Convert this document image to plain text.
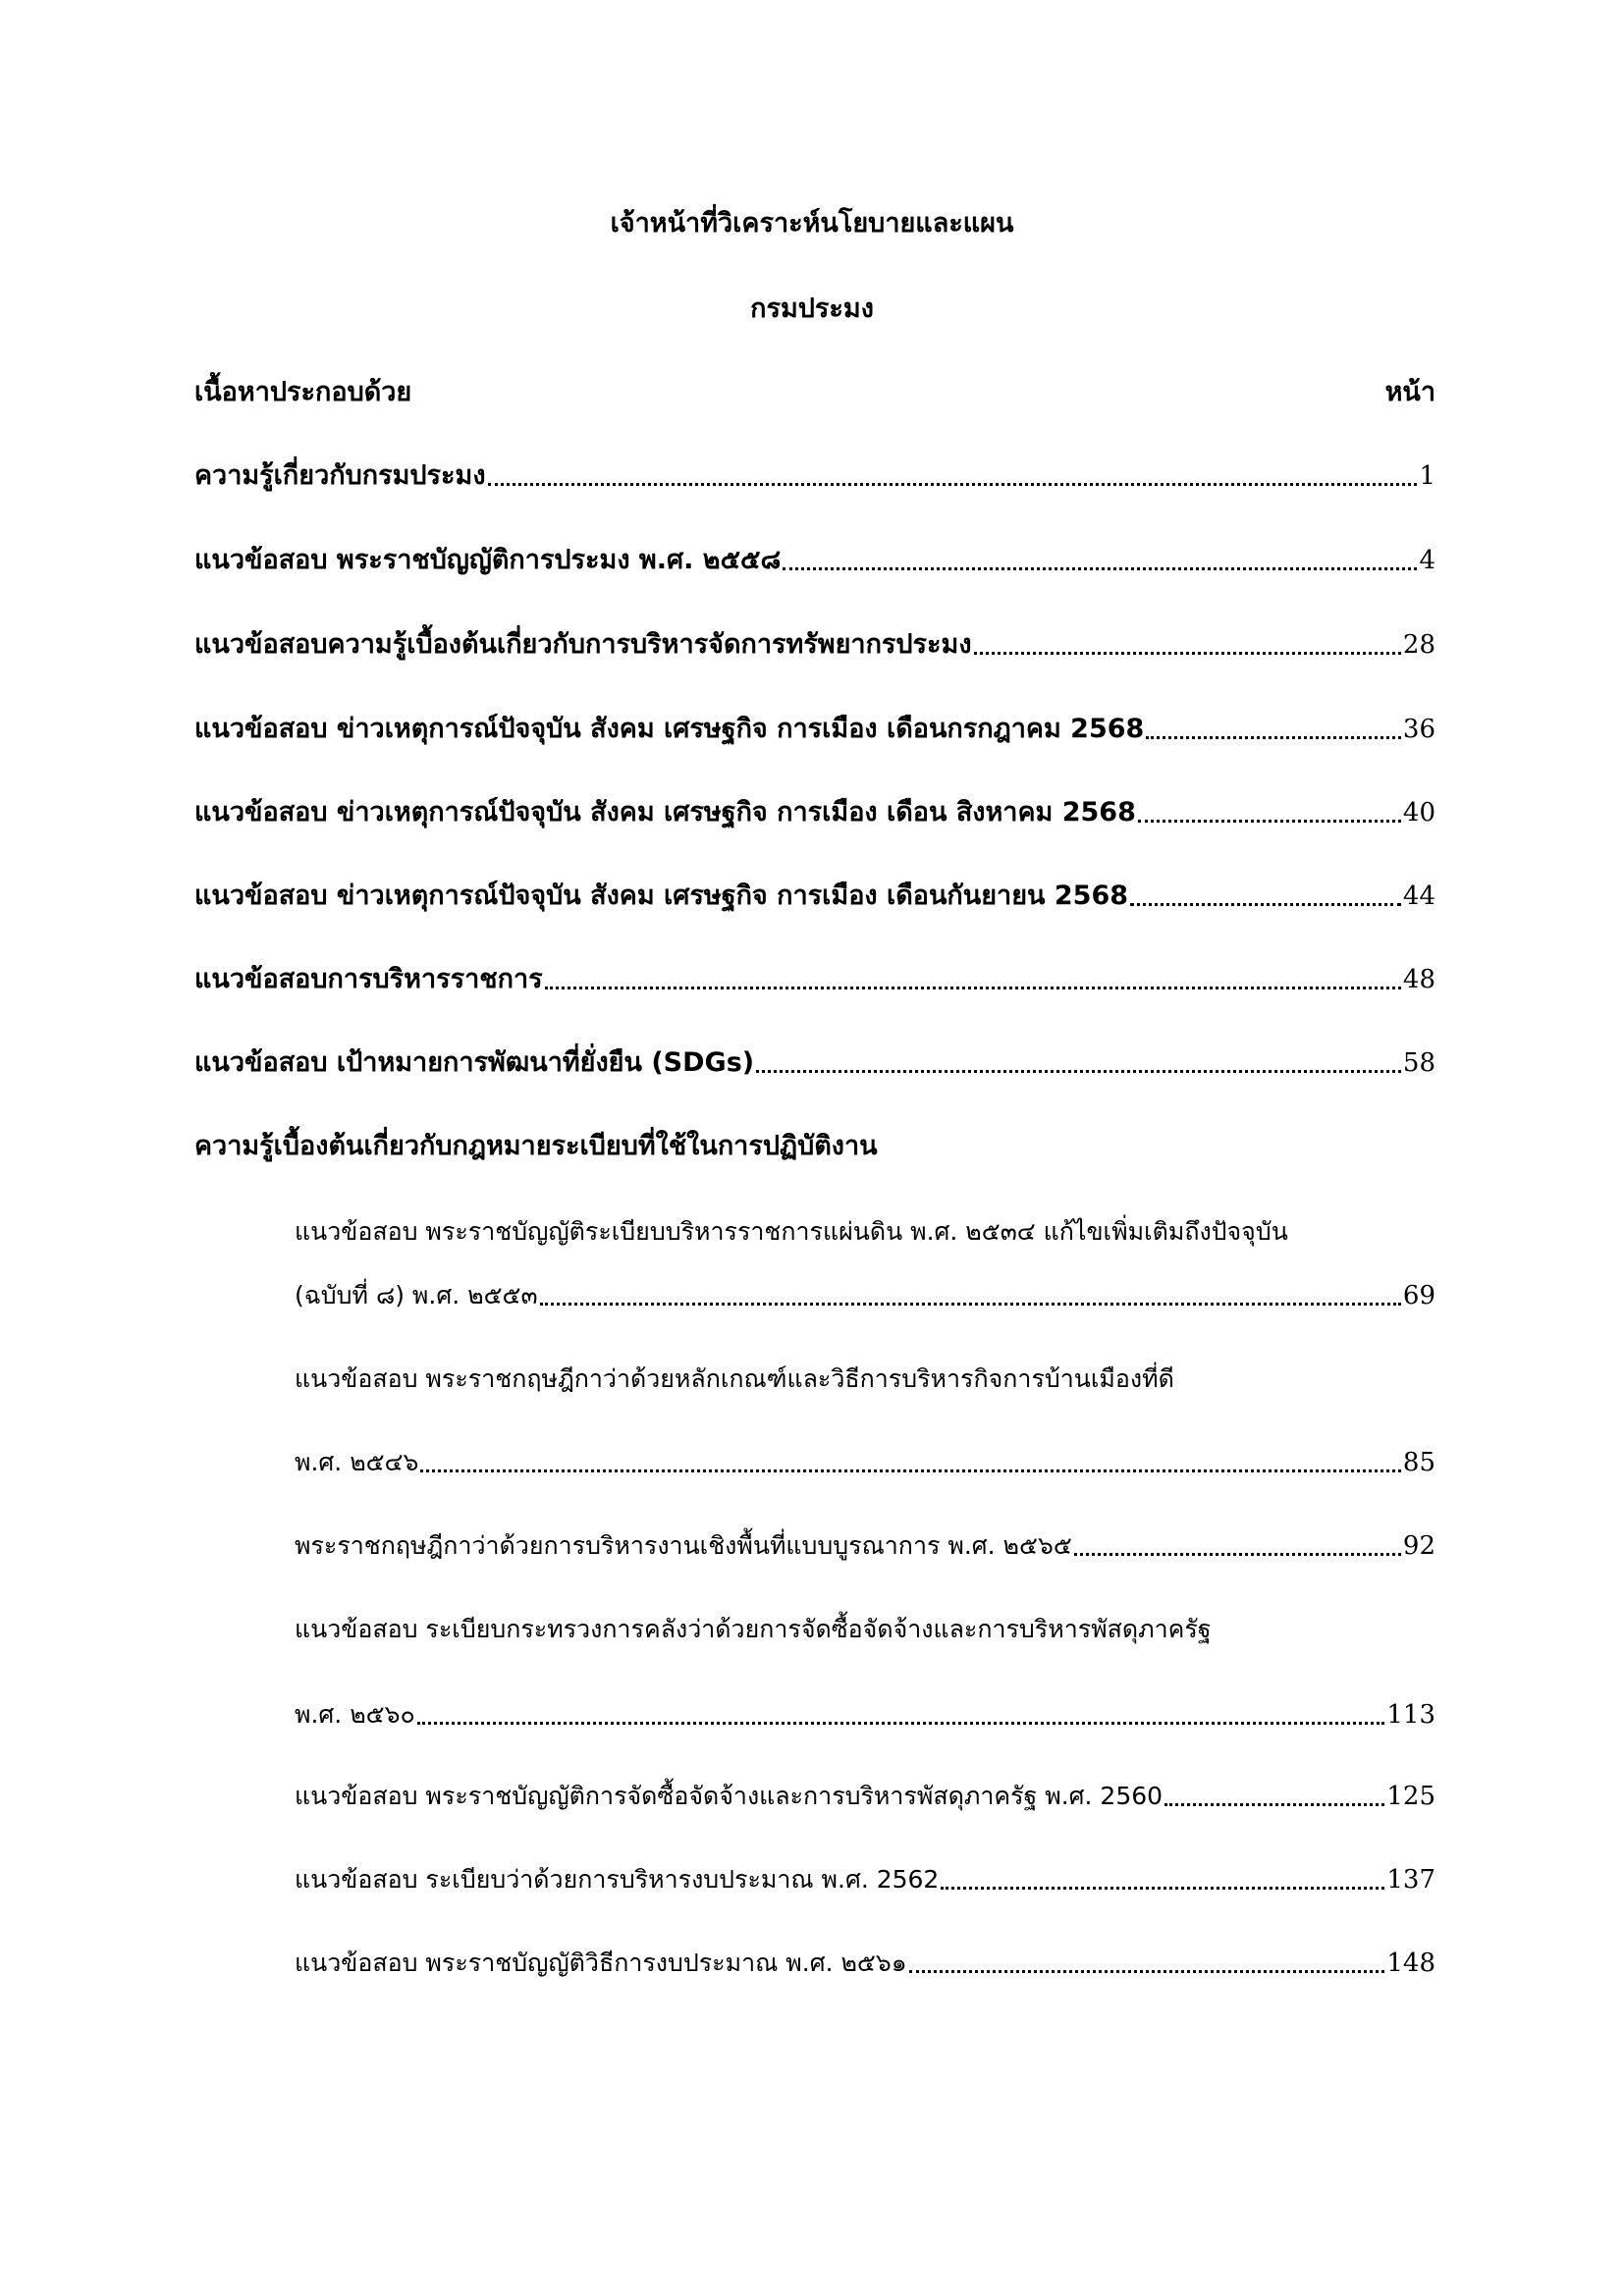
เจ้าหน้าที่วิเคราะห์นโยบายและแผน
กรมประมง
เนื้อหาประกอบด้วย	หน้า
ความรู้เกี่ยวกับกรมประมง	1
แนวข้อสอบ พระราชบัญญัติการประมง พ.ศ. ๒๕๕๘	4
แนวข้อสอบความรู้เบื้องต้นเกี่ยวกับการบริหารจัดการทรัพยากรประมง	28
แนวข้อสอบ ข่าวเหตุการณ์ปัจจุบัน สังคม เศรษฐกิจ การเมือง เดือนกรกฎาคม 2568	36
แนวข้อสอบ ข่าวเหตุการณ์ปัจจุบัน สังคม เศรษฐกิจ การเมือง เดือน สิงหาคม 2568	40
แนวข้อสอบ ข่าวเหตุการณ์ปัจจุบัน สังคม เศรษฐกิจ การเมือง เดือนกันยายน 2568	44
แนวข้อสอบการบริหารราชการ	48
แนวข้อสอบ เป้าหมายการพัฒนาที่ยั่งยืน (SDGs)	58
ความรู้เบื้องต้นเกี่ยวกับกฎหมายระเบียบที่ใช้ในการปฏิบัติงาน
แนวข้อสอบ พระราชบัญญัติระเบียบบริหารราชการแผ่นดิน พ.ศ. ๒๕๓๔ แก้ไขเพิ่มเติมถึงปัจจุบัน
(ฉบับที่ ๘) พ.ศ. ๒๕๕๓	69
แนวข้อสอบ พระราชกฤษฎีกาว่าด้วยหลักเกณฑ์และวิธีการบริหารกิจการบ้านเมืองที่ดี
พ.ศ. ๒๕๔๖	85
พระราชกฤษฎีกาว่าด้วยการบริหารงานเชิงพื้นที่แบบบูรณาการ พ.ศ. ๒๕๖๕	92
แนวข้อสอบ ระเบียบกระทรวงการคลังว่าด้วยการจัดซื้อจัดจ้างและการบริหารพัสดุภาครัฐ
พ.ศ. ๒๕๖๐	113
แนวข้อสอบ พระราชบัญญัติการจัดซื้อจัดจ้างและการบริหารพัสดุภาครัฐ พ.ศ. 2560	125
แนวข้อสอบ ระเบียบว่าด้วยการบริหารงบประมาณ พ.ศ. 2562	137
แนวข้อสอบ พระราชบัญญัติวิธีการงบประมาณ พ.ศ. ๒๕๖๑	148
